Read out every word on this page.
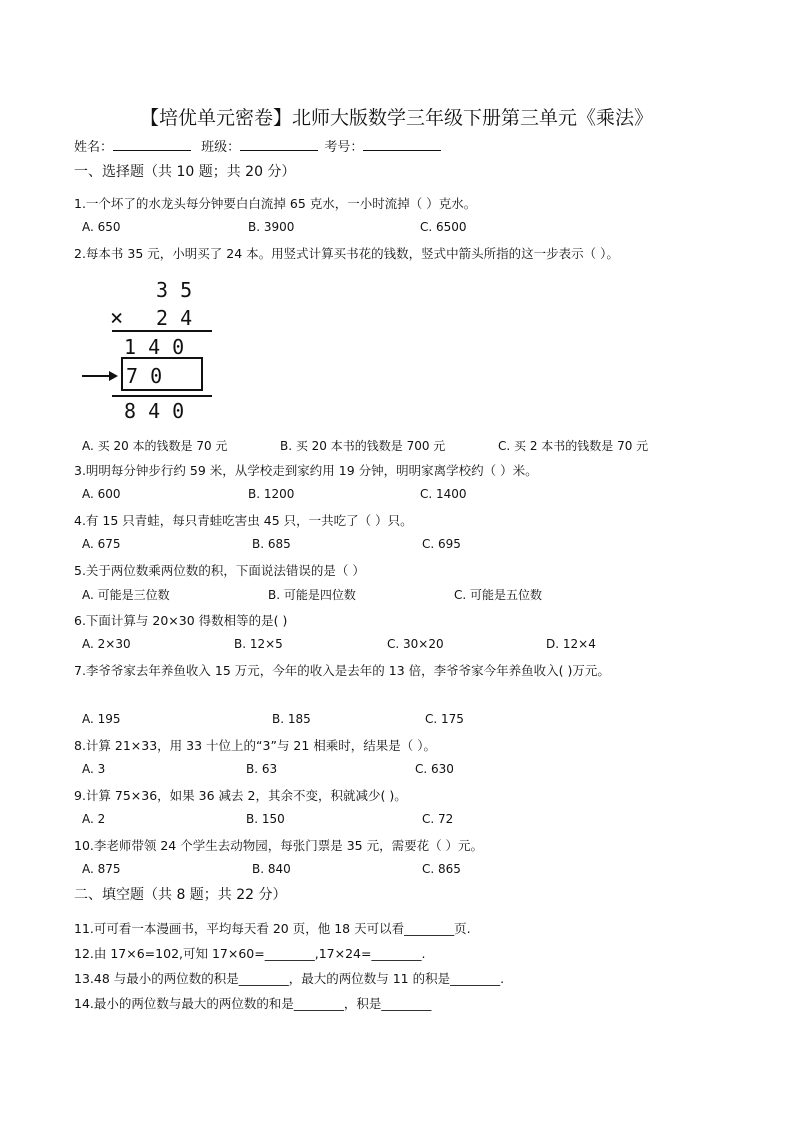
【培优单元密卷】北师大版数学三年级下册第三单元《乘法》
姓名：	班级：	考号：
一、选择题（共 10 题；共 20 分）
1.一个坏了的水龙头每分钟要白白流掉 65 克水，一小时流掉（ ）克水。
A. 650	B. 3900	C. 6500
2.每本书 35 元，小明买了 24 本。用竖式计算买书花的钱数，竖式中箭头所指的这一步表示（ ）。
3 5
× 2 4
1 4 0
7 0
8 4 0
A. 买 20 本的钱数是 70 元	B. 买 20 本书的钱数是 700 元	C. 买 2 本书的钱数是 70 元
3.明明每分钟步行约 59 米，从学校走到家约用 19 分钟，明明家离学校约（ ）米。
A. 600	B. 1200	C. 1400
4.有 15 只青蛙，每只青蛙吃害虫 45 只，一共吃了（ ）只。
A. 675	B. 685	C. 695
5.关于两位数乘两位数的积，下面说法错误的是（ ）
A. 可能是三位数	B. 可能是四位数	C. 可能是五位数
6.下面计算与 20×30 得数相等的是( )
A. 2×30	B. 12×5	C. 30×20	D. 12×4
7.李爷爷家去年养鱼收入 15 万元，今年的收入是去年的 13 倍，李爷爷家今年养鱼收入( )万元。
A. 195	B. 185	C. 175
8.计算 21×33，用 33 十位上的“3”与 21 相乘时，结果是（ ）。
A. 3	B. 63	C. 630
9.计算 75×36，如果 36 减去 2，其余不变，积就减少( )。
A. 2	B. 150	C. 72
10.李老师带领 24 个学生去动物园，每张门票是 35 元，需要花（ ）元。
A. 875	B. 840	C. 865
二、填空题（共 8 题；共 22 分）
11.可可看一本漫画书，平均每天看 20 页，他 18 天可以看________页.
12.由 17×6=102,可知 17×60=________,17×24=________.
13.48 与最小的两位数的积是________，最大的两位数与 11 的积是________.
14.最小的两位数与最大的两位数的和是________，积是________
